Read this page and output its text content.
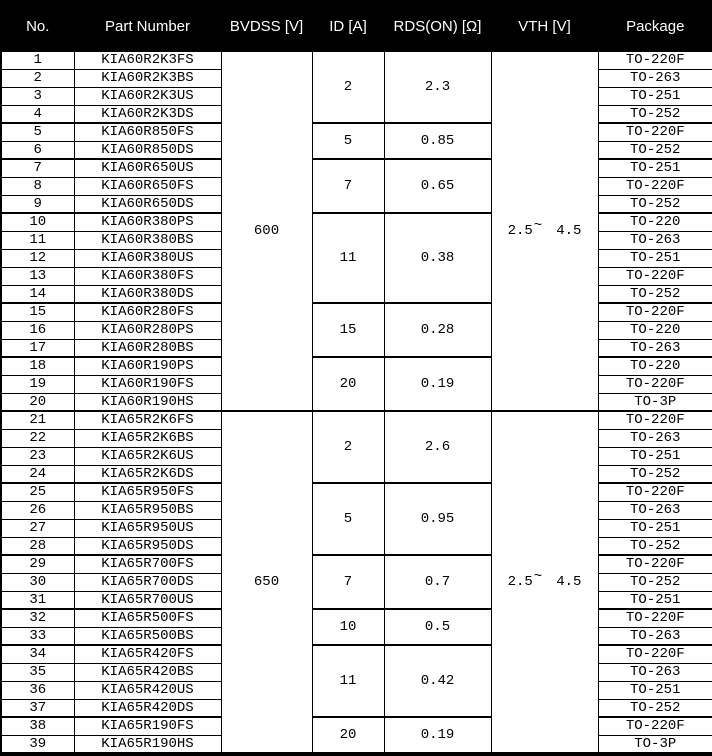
No.	Part Number	BVDSS [V]	ID [A]	RDS(ON) [Ω]	VTH [V]	Package
1	KIA60R2K3FS	600	2	2.3	2.5~ 4.5	TO-220F
2	KIA60R2K3BS					TO-263
3	KIA60R2K3US					TO-251
4	KIA60R2K3DS					TO-252
5	KIA60R850FS		5	0.85		TO-220F
6	KIA60R850DS					TO-252
7	KIA60R650US		7	0.65		TO-251
8	KIA60R650FS					TO-220F
9	KIA60R650DS					TO-252
10	KIA60R380PS		11	0.38		TO-220
11	KIA60R380BS					TO-263
12	KIA60R380US					TO-251
13	KIA60R380FS					TO-220F
14	KIA60R380DS					TO-252
15	KIA60R280FS		15	0.28		TO-220F
16	KIA60R280PS					TO-220
17	KIA60R280BS					TO-263
18	KIA60R190PS		20	0.19		TO-220
19	KIA60R190FS					TO-220F
20	KIA60R190HS					TO-3P
21	KIA65R2K6FS	650	2	2.6	2.5~ 4.5	TO-220F
22	KIA65R2K6BS					TO-263
23	KIA65R2K6US					TO-251
24	KIA65R2K6DS					TO-252
25	KIA65R950FS		5	0.95		TO-220F
26	KIA65R950BS					TO-263
27	KIA65R950US					TO-251
28	KIA65R950DS					TO-252
29	KIA65R700FS		7	0.7		TO-220F
30	KIA65R700DS					TO-252
31	KIA65R700US					TO-251
32	KIA65R500FS		10	0.5		TO-220F
33	KIA65R500BS					TO-263
34	KIA65R420FS		11	0.42		TO-220F
35	KIA65R420BS					TO-263
36	KIA65R420US					TO-251
37	KIA65R420DS					TO-252
38	KIA65R190FS		20	0.19		TO-220F
39	KIA65R190HS					TO-3P
